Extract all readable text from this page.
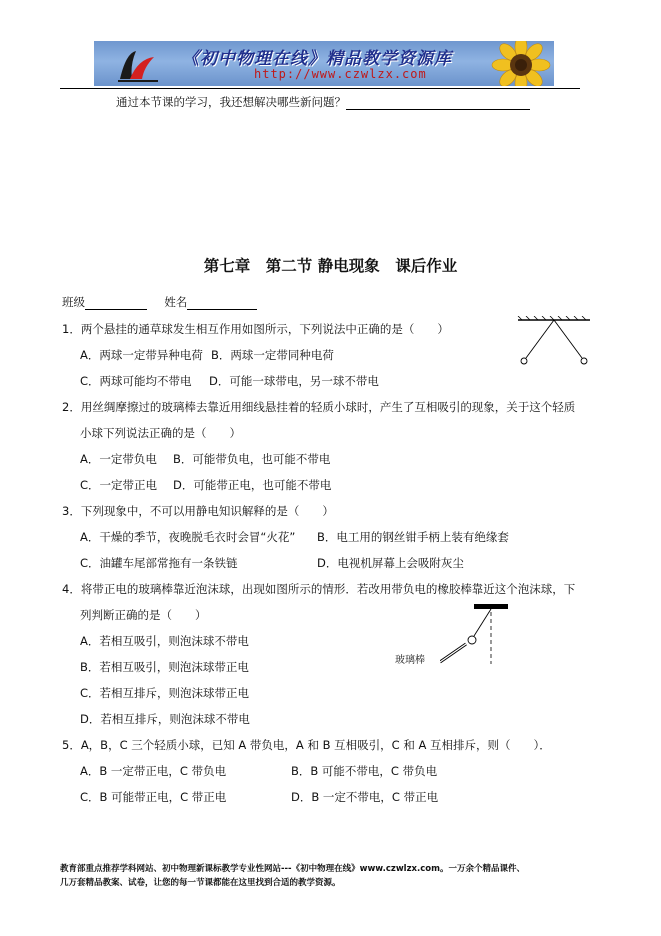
《初中物理在线》精品教学资源库
http://www.czwlzx.com
通过本节课的学习，我还想解决哪些新问题？
第七章　第二节 静电现象　课后作业
班级	姓名
1．两个悬挂的通草球发生相互作用如图所示，下列说法中正确的是（　　）
A．两球一定带异种电荷 B．两球一定带同种电荷
C．两球可能均不带电 D．可能一球带电，另一球不带电
2．用丝绸摩擦过的玻璃棒去靠近用细线悬挂着的轻质小球时，产生了互相吸引的现象，关于这个轻质
小球下列说法正确的是（　　）
A．一定带负电 B．可能带负电，也可能不带电
C．一定带正电 D．可能带正电，也可能不带电
3．下列现象中，不可以用静电知识解释的是（　　）
A．干燥的季节，夜晚脱毛衣时会冒“火花” B．电工用的钢丝钳手柄上装有绝缘套
C．油罐车尾部常拖有一条铁链	D．电视机屏幕上会吸附灰尘
4．将带正电的玻璃棒靠近泡沫球，出现如图所示的情形．若改用带负电的橡胶棒靠近这个泡沫球，下
列判断正确的是（　　）
A．若相互吸引，则泡沫球不带电
B．若相互吸引，则泡沫球带正电
C．若相互排斥，则泡沫球带正电
D．若相互排斥，则泡沫球不带电
玻璃棒
5．A，B，C 三个轻质小球，已知 A 带负电，A 和 B 互相吸引，C 和 A 互相排斥，则（　　）．
A．B 一定带正电，C 带负电	B．B 可能不带电，C 带负电
C．B 可能带正电，C 带正电	D．B 一定不带电，C 带正电
教育部重点推荐学科网站、初中物理新课标教学专业性网站---《初中物理在线》www.czwlzx.com。一万余个精品课件、
几万套精品教案、试卷，让您的每一节课都能在这里找到合适的教学资源。
